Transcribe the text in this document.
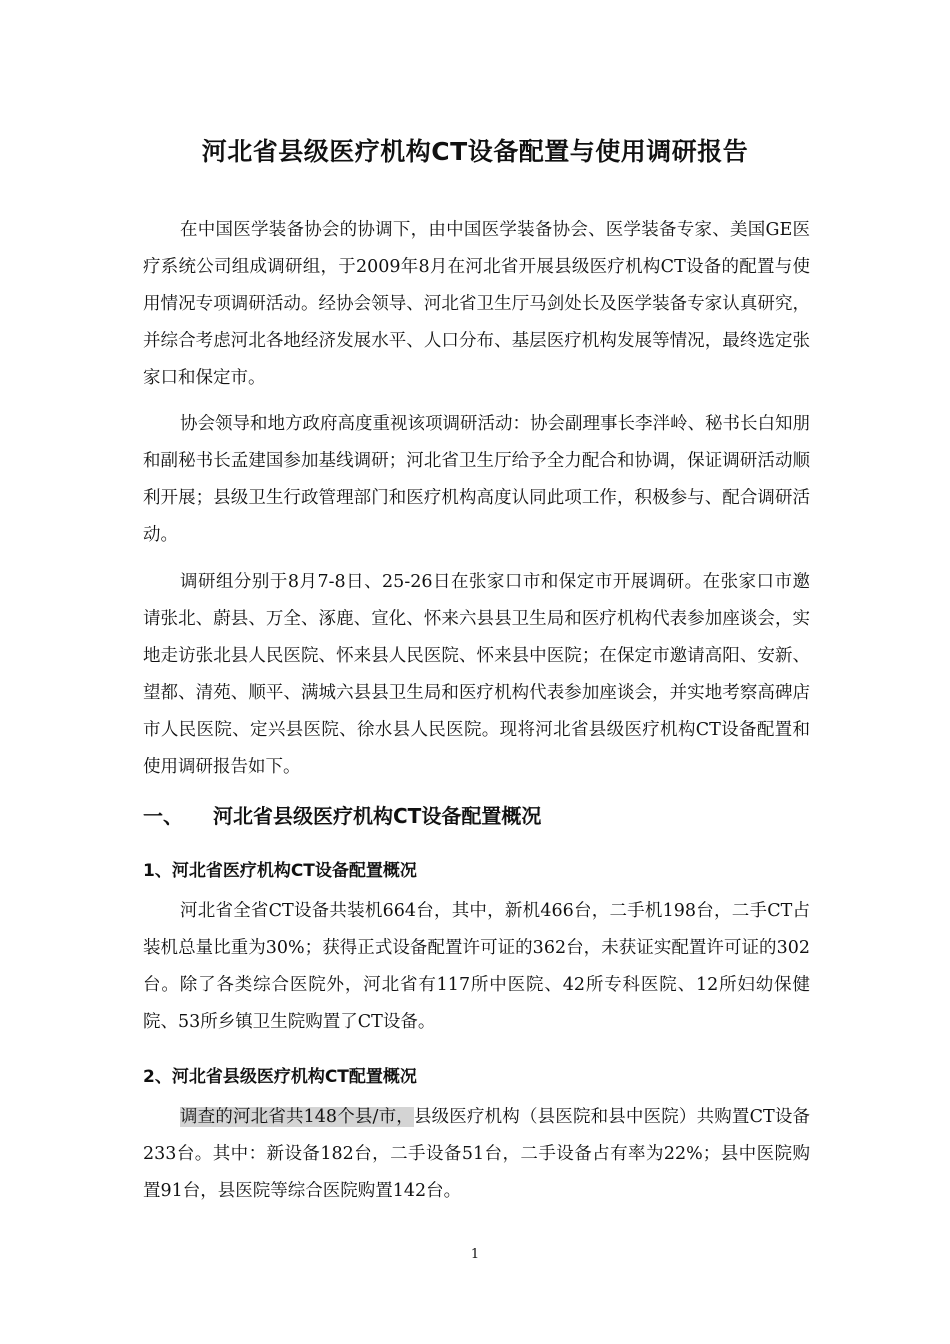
河北省县级医疗机构CT设备配置与使用调研报告

在中国医学装备协会的协调下，由中国医学装备协会、医学装备专家、美国GE医疗系统公司组成调研组，于2009年8月在河北省开展县级医疗机构CT设备的配置与使用情况专项调研活动。经协会领导、河北省卫生厅马剑处长及医学装备专家认真研究，并综合考虑河北各地经济发展水平、人口分布、基层医疗机构发展等情况，最终选定张家口和保定市。

协会领导和地方政府高度重视该项调研活动：协会副理事长李泮岭、秘书长白知朋和副秘书长孟建国参加基线调研；河北省卫生厅给予全力配合和协调，保证调研活动顺利开展；县级卫生行政管理部门和医疗机构高度认同此项工作，积极参与、配合调研活动。

调研组分别于8月7-8日、25-26日在张家口市和保定市开展调研。在张家口市邀请张北、蔚县、万全、涿鹿、宣化、怀来六县县卫生局和医疗机构代表参加座谈会，实地走访张北县人民医院、怀来县人民医院、怀来县中医院；在保定市邀请高阳、安新、望都、清苑、顺平、满城六县县卫生局和医疗机构代表参加座谈会，并实地考察高碑店市人民医院、定兴县医院、徐水县人民医院。现将河北省县级医疗机构CT设备配置和使用调研报告如下。

一、 河北省县级医疗机构CT设备配置概况
1、河北省医疗机构CT设备配置概况

河北省全省CT设备共装机664台，其中，新机466台，二手机198台，二手CT占装机总量比重为30%；获得正式设备配置许可证的362台，未获证实配置许可证的302台。除了各类综合医院外，河北省有117所中医院、42所专科医院、12所妇幼保健院、53所乡镇卫生院购置了CT设备。

2、河北省县级医疗机构CT配置概况

调查的河北省共148个县/市，县级医疗机构（县医院和县中医院）共购置CT设备233台。其中：新设备182台，二手设备51台，二手设备占有率为22%；县中医院购置91台，县医院等综合医院购置142台。

1
